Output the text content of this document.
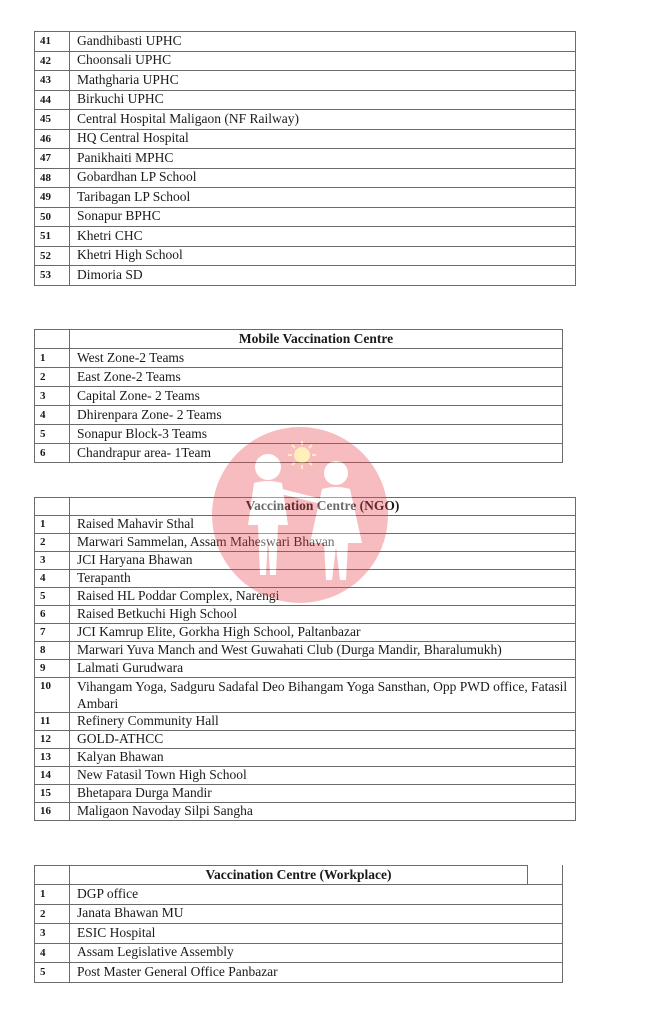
41	Gandhibasti UPHC
42	Choonsali UPHC
43	Mathgharia UPHC
44	Birkuchi UPHC
45	Central Hospital Maligaon (NF Railway)
46	HQ Central Hospital
47	Panikhaiti MPHC
48	Gobardhan LP School
49	Taribagan LP School
50	Sonapur BPHC
51	Khetri CHC
52	Khetri High School
53	Dimoria SD
	Mobile Vaccination Centre
1	West Zone-2 Teams
2	East Zone-2 Teams
3	Capital Zone- 2 Teams
4	Dhirenpara Zone- 2 Teams
5	Sonapur Block-3 Teams
6	Chandrapur area- 1Team
	Vaccination Centre (NGO)
1	Raised Mahavir Sthal
2	Marwari Sammelan, Assam Maheswari Bhavan
3	JCI Haryana Bhawan
4	Terapanth
5	Raised HL Poddar Complex, Narengi
6	Raised Betkuchi High School
7	JCI Kamrup Elite, Gorkha High School, Paltanbazar
8	Marwari Yuva Manch and West Guwahati Club (Durga Mandir, Bharalumukh)
9	Lalmati Gurudwara
10	Vihangam Yoga, Sadguru Sadafal Deo Bihangam Yoga Sansthan, Opp PWD office, Fatasil Ambari
11	Refinery Community Hall
12	GOLD-ATHCC
13	Kalyan Bhawan
14	New Fatasil Town High School
15	Bhetapara Durga Mandir
16	Maligaon Navoday Silpi Sangha
	Vaccination Centre (Workplace)	
1	DGP office	
2	Janata Bhawan MU	
3	ESIC Hospital	
4	Assam Legislative Assembly	
5	Post Master General Office Panbazar	
